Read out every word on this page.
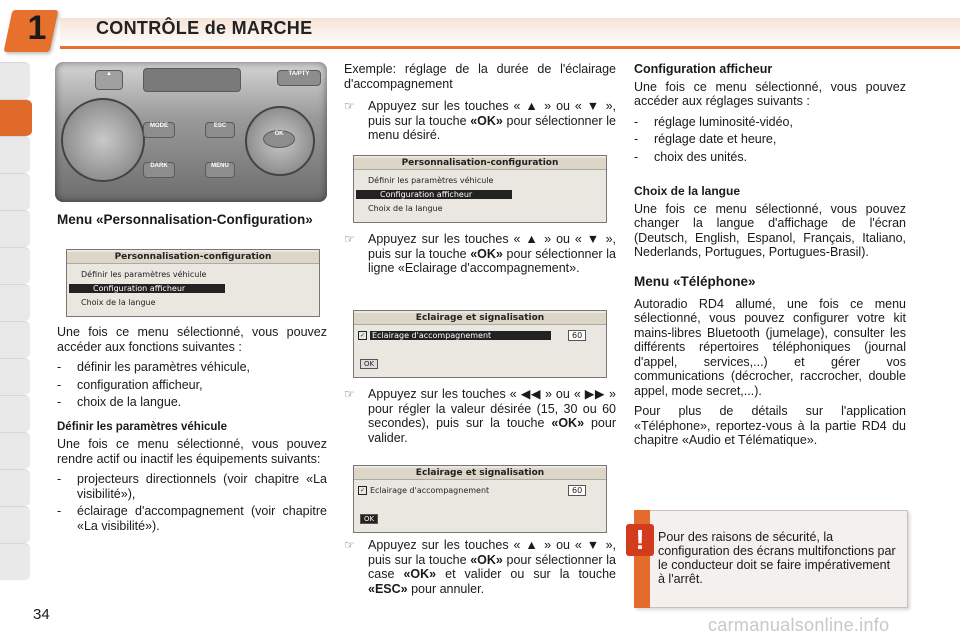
1	CONTRÔLE de MARCHE
▲	TA/PTY
MODE
DARK
ESC
MENU
OK
Menu «Personnalisation-Configuration»
Personnalisation-configuration
Définir les paramètres véhicule
Configuration afficheur
Choix de la langue

Une fois ce menu sélectionné, vous pouvez accéder aux fonctions suivantes :

- définir les paramètres véhicule,
- configuration afficheur,
- choix de la langue.
Définir les paramètres véhicule

Une fois ce menu sélectionné, vous pouvez rendre actif ou inactif les équipements suivants:

- projecteurs directionnels (voir chapitre «La visibilité»),
- éclairage d'accompagnement (voir chapitre «La visibilité»).

Exemple: réglage de la durée de l'éclairage d'accompagnement

☞ Appuyez sur les touches « ▲ » ou « ▼ », puis sur la touche «OK» pour sélectionner le menu désiré.
Personnalisation-configuration
Définir les paramètres véhicule
Configuration afficheur
Choix de la langue
☞ Appuyez sur les touches « ▲ » ou « ▼ », puis sur la touche «OK» pour sélectionner la ligne «Eclairage d'accompagnement».
Eclairage et signalisation
✓ Eclairage d'accompagnement	60
OK
☞ Appuyez sur les touches « ◀◀ » ou « ▶▶ » pour régler la valeur désirée (15, 30 ou 60 secondes), puis sur la touche «OK» pour valider.
Eclairage et signalisation
✓ Eclairage d'accompagnement	60
OK
☞ Appuyez sur les touches « ▲ » ou « ▼ », puis sur la touche «OK» pour sélectionner la case «OK» et valider ou sur la touche «ESC» pour annuler.
Configuration afficheur

Une fois ce menu sélectionné, vous pouvez accéder aux réglages suivants :

- réglage luminosité-vidéo,
- réglage date et heure,
- choix des unités.
Choix de la langue

Une fois ce menu sélectionné, vous pouvez changer la langue d'affichage de l'écran (Deutsch, English, Espanol, Français, Italiano, Nederlands, Portugues, Portugues-Brasil).

Menu «Téléphone»

Autoradio RD4 allumé, une fois ce menu sélectionné, vous pouvez configurer votre kit mains-libres Bluetooth (jumelage), consulter les différents répertoires téléphoniques (journal d'appel, services,...) et gérer vos communications (décrocher, raccrocher, double appel, mode secret,...).

Pour plus de détails sur l'application «Téléphone», reportez-vous à la partie RD4 du chapitre «Audio et Télématique».

!	Pour des raisons de sécurité, la configuration des écrans multifonctions par le conducteur doit se faire impérativement à l'arrêt.
34
carmanualsonline.info
